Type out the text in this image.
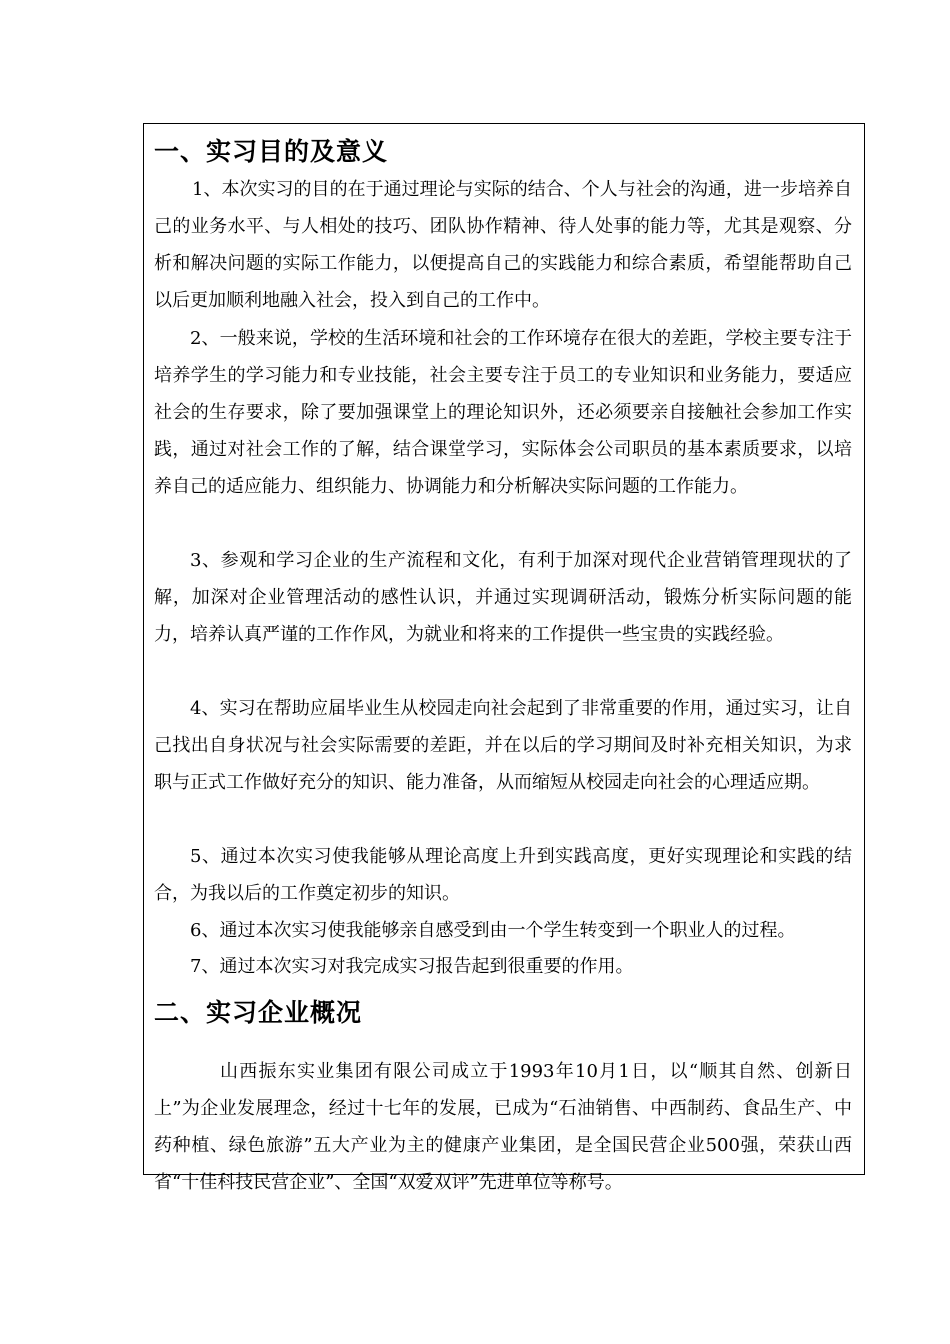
一、实习目的及意义
1、本次实习的目的在于通过理论与实际的结合、个人与社会的沟通，进一步培养自己的业务水平、与人相处的技巧、团队协作精神、待人处事的能力等，尤其是观察、分析和解决问题的实际工作能力，以便提高自己的实践能力和综合素质，希望能帮助自己以后更加顺利地融入社会，投入到自己的工作中。
2、一般来说，学校的生活环境和社会的工作环境存在很大的差距，学校主要专注于培养学生的学习能力和专业技能，社会主要专注于员工的专业知识和业务能力，要适应社会的生存要求，除了要加强课堂上的理论知识外，还必须要亲自接触社会参加工作实践，通过对社会工作的了解，结合课堂学习，实际体会公司职员的基本素质要求，以培养自己的适应能力、组织能力、协调能力和分析解决实际问题的工作能力。
3、参观和学习企业的生产流程和文化，有利于加深对现代企业营销管理现状的了解，加深对企业管理活动的感性认识，并通过实现调研活动，锻炼分析实际问题的能力，培养认真严谨的工作作风，为就业和将来的工作提供一些宝贵的实践经验。
4、实习在帮助应届毕业生从校园走向社会起到了非常重要的作用，通过实习，让自己找出自身状况与社会实际需要的差距，并在以后的学习期间及时补充相关知识，为求职与正式工作做好充分的知识、能力准备，从而缩短从校园走向社会的心理适应期。
5、通过本次实习使我能够从理论高度上升到实践高度，更好实现理论和实践的结合，为我以后的工作奠定初步的知识。
6、通过本次实习使我能够亲自感受到由一个学生转变到一个职业人的过程。
7、通过本次实习对我完成实习报告起到很重要的作用。
二、实习企业概况
山西振东实业集团有限公司成立于1993年10月1日，以“顺其自然、创新日上”为企业发展理念，经过十七年的发展，已成为“石油销售、中西制药、食品生产、中药种植、绿色旅游”五大产业为主的健康产业集团，是全国民营企业500强，荣获山西省“十佳科技民营企业”、全国“双爱双评”先进单位等称号。
